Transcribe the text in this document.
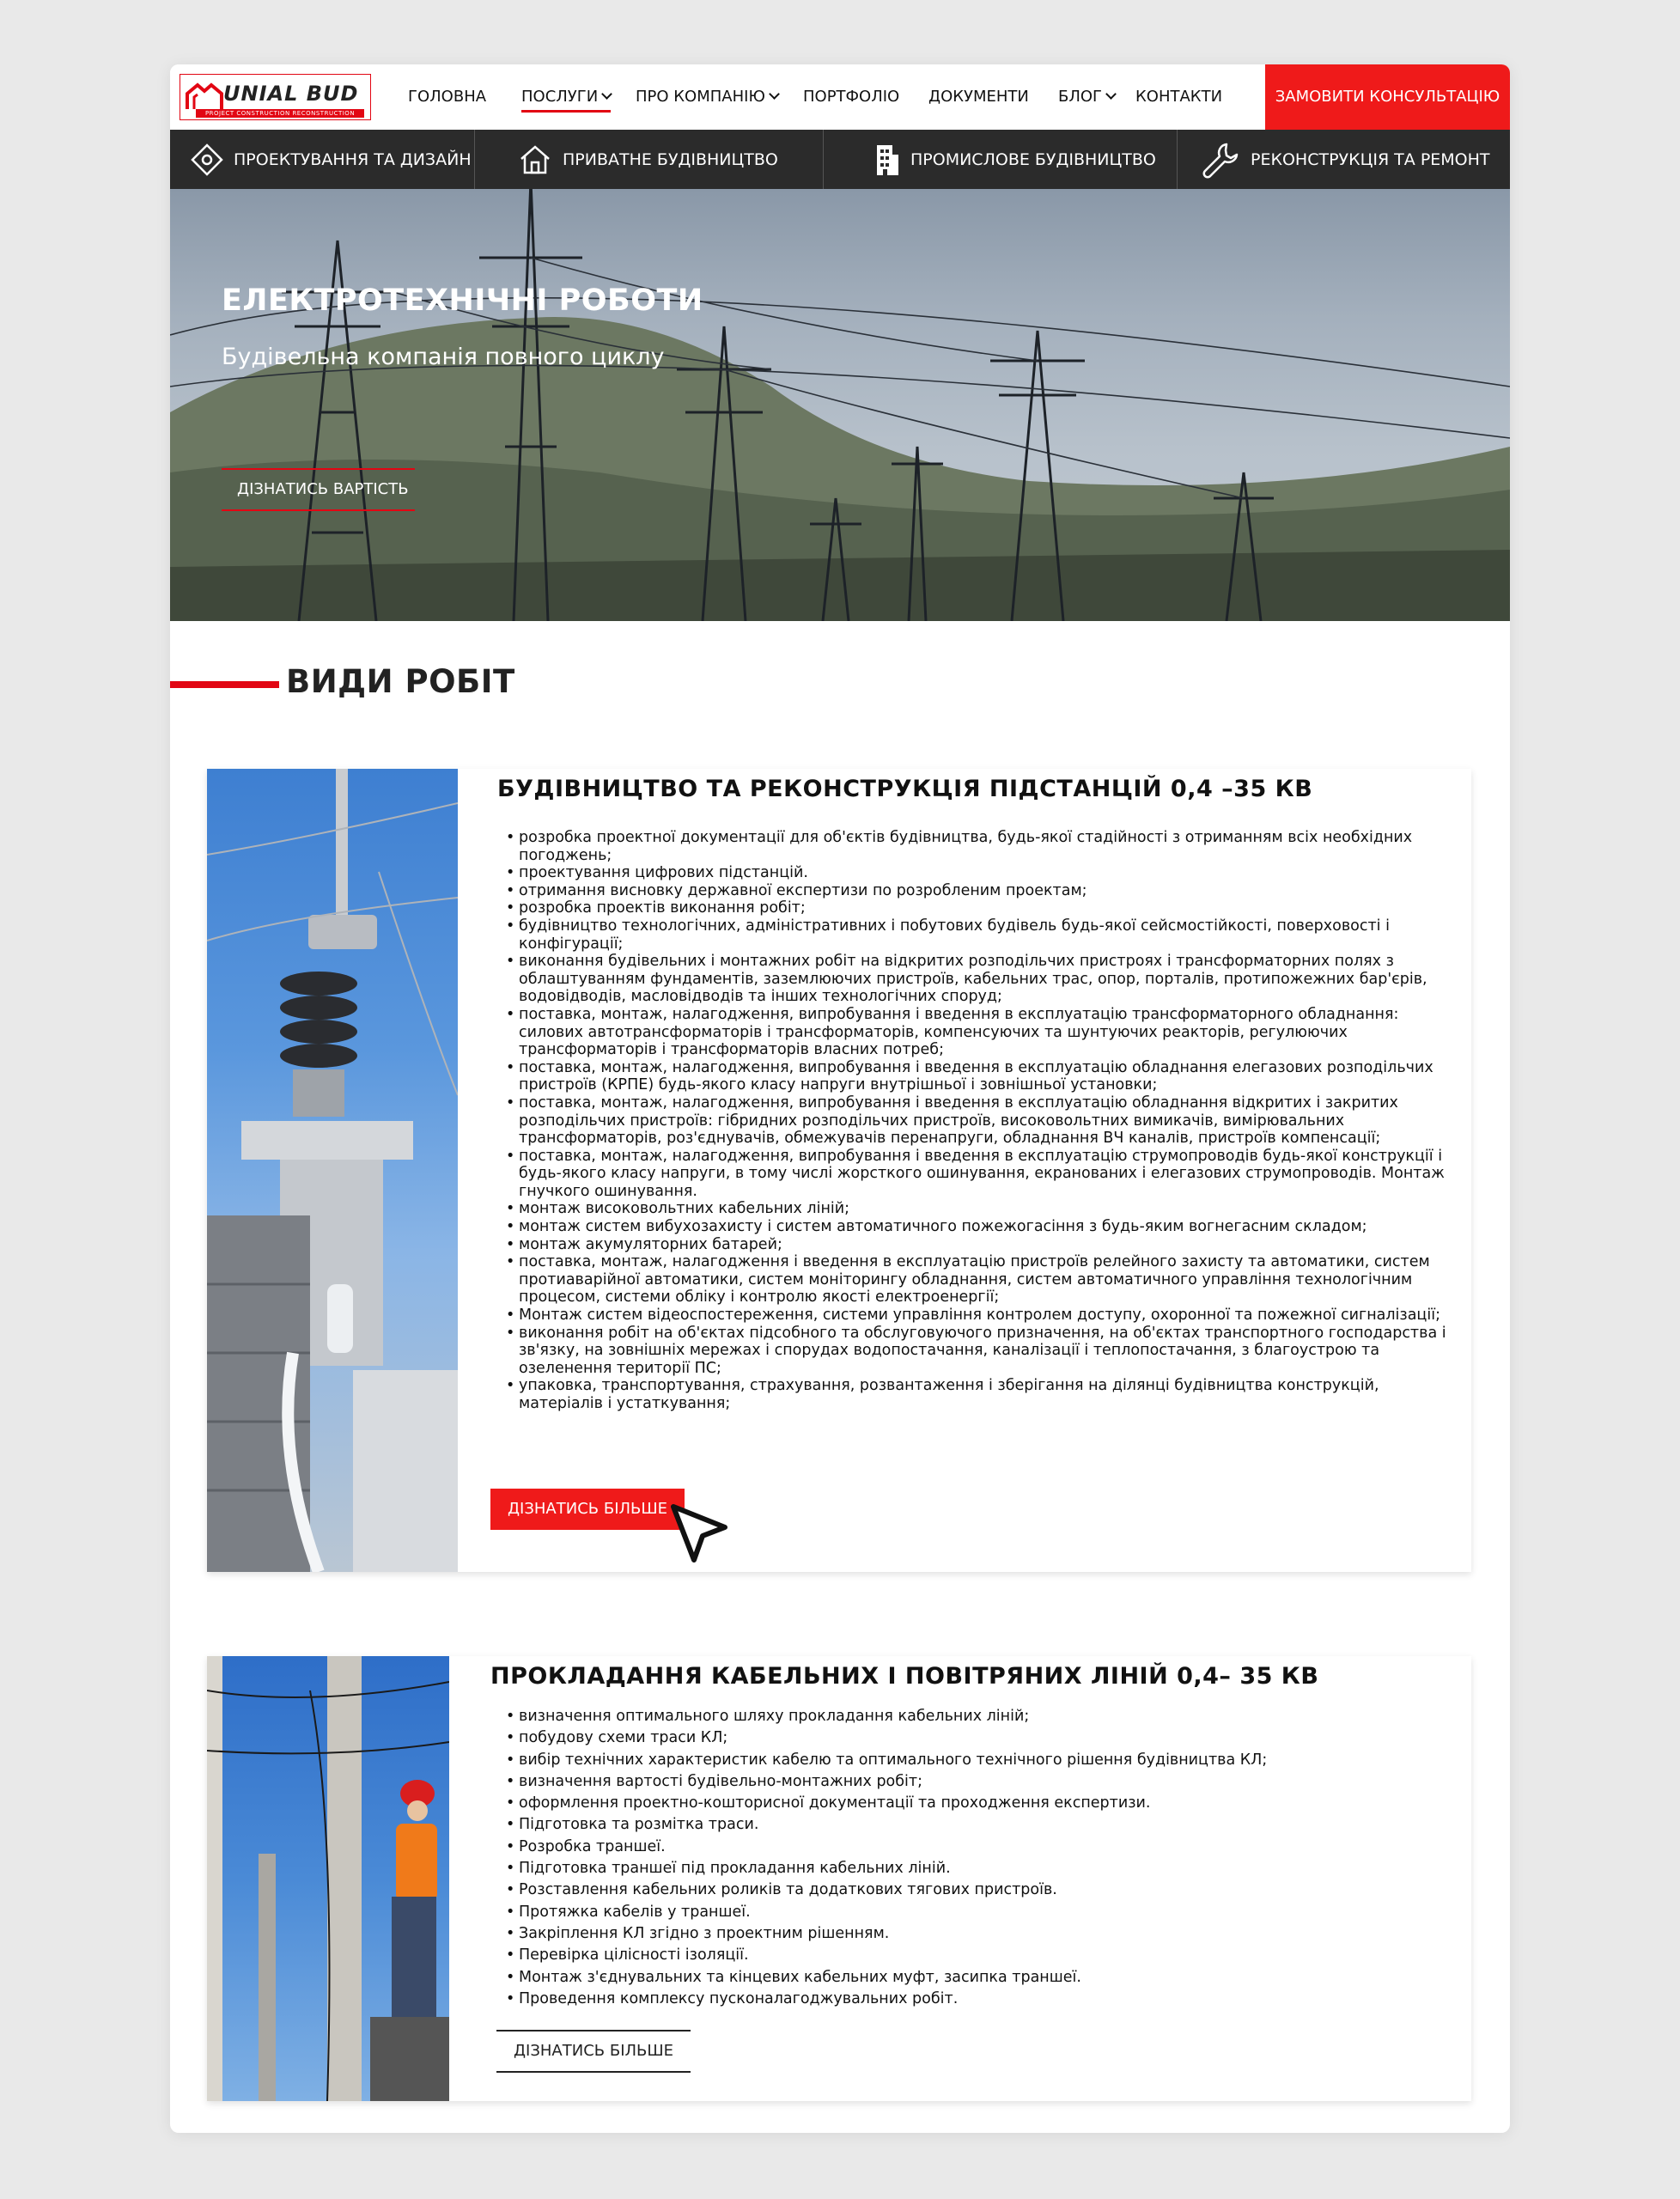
UNIAL BUD
PROJECT CONSTRUCTION RECONSTRUCTION
ГОЛОВНА ПОСЛУГИ	ПРО КОМПАНІЮ	ПОРТФОЛІО ДОКУМЕНТИ БЛОГ	КОНТАКТИ	ЗАМОВИТИ КОНСУЛЬТАЦІЮ
ПРОЕКТУВАННЯ ТА ДИЗАЙН	ПРИВАТНЕ БУДІВНИЦТВО	ПРОМИСЛОВЕ БУДІВНИЦТВО	РЕКОНСТРУКЦІЯ ТА РЕМОНТ
ЕЛЕКТРОТЕХНІЧНІ РОБОТИ
Будівельна компанія повного циклу
ДІЗНАТИСЬ ВАРТІСТЬ
ВИДИ РОБІТ
БУДІВНИЦТВО ТА РЕКОНСТРУКЦІЯ ПІДСТАНЦІЙ 0,4 –35 КВ
• розробка проектної документації для об'єктів будівництва, будь-якої стадійності з отриманням всіх необхідних погоджень;
• проектування цифрових підстанцій.
• отримання висновку державної експертизи по розробленим проектам;
• розробка проектів виконання робіт;
• будівництво технологічних, адміністративних і побутових будівель будь-якої сейсмостійкості, поверховості і конфігурації;
• виконання будівельних і монтажних робіт на відкритих розподільчих пристроях і трансформаторних полях з облаштуванням фундаментів, заземлюючих пристроїв, кабельних трас, опор, порталів, протипожежних бар'єрів, водовідводів, масловідводів та інших технологічних споруд;
• поставка, монтаж, налагодження, випробування і введення в експлуатацію трансформаторного обладнання: силових автотрансформаторів і трансформаторів, компенсуючих та шунтуючих реакторів, регулюючих трансформаторів і трансформаторів власних потреб;
• поставка, монтаж, налагодження, випробування і введення в експлуатацію обладнання елегазових розподільчих пристроїв (КРПЕ) будь-якого класу напруги внутрішньої і зовнішньої установки;
• поставка, монтаж, налагодження, випробування і введення в експлуатацію обладнання відкритих і закритих розподільчих пристроїв: гібридних розподільчих пристроїв, високовольтних вимикачів, вимірювальних трансформаторів, роз'єднувачів, обмежувачів перенапруги, обладнання ВЧ каналів, пристроїв компенсації;
• поставка, монтаж, налагодження, випробування і введення в експлуатацію струмопроводів будь-якої конструкції і будь-якого класу напруги, в тому числі жорсткого ошинування, екранованих і елегазових струмопроводів. Монтаж гнучкого ошинування.
• монтаж високовольтних кабельних ліній;
• монтаж систем вибухозахисту і систем автоматичного пожежогасіння з будь-яким вогнегасним складом;
• монтаж акумуляторних батарей;
• поставка, монтаж, налагодження і введення в експлуатацію пристроїв релейного захисту та автоматики, систем протиаварійної автоматики, систем моніторингу обладнання, систем автоматичного управління технологічним процесом, системи обліку і контролю якості електроенергії;
• Монтаж систем відеоспостереження, системи управління контролем доступу, охоронної та пожежної сигналізації;
• виконання робіт на об'єктах підсобного та обслуговуючого призначення, на об'єктах транспортного господарства і зв'язку, на зовнішніх мережах і спорудах водопостачання, каналізації і теплопостачання, з благоустрою та озеленення території ПС;
• упаковка, транспортування, страхування, розвантаження і зберігання на ділянці будівництва конструкцій, матеріалів і устаткування;
ДІЗНАТИСЬ БІЛЬШЕ
ПРОКЛАДАННЯ КАБЕЛЬНИХ І ПОВІТРЯНИХ ЛІНІЙ 0,4– 35 КВ
• визначення оптимального шляху прокладання кабельних ліній;
• побудову схеми траси КЛ;
• вибір технічних характеристик кабелю та оптимального технічного рішення будівництва КЛ;
• визначення вартості будівельно-монтажних робіт;
• оформлення проектно-кошторисної документації та проходження експертизи.
• Підготовка та розмітка траси.
• Розробка траншеї.
• Підготовка траншеї під прокладання кабельних ліній.
• Розставлення кабельних роликів та додаткових тягових пристроїв.
• Протяжка кабелів у траншеї.
• Закріплення КЛ згідно з проектним рішенням.
• Перевірка цілісності ізоляції.
• Монтаж з'єднувальних та кінцевих кабельних муфт, засипка траншеї.
• Проведення комплексу пусконалагоджувальних робіт.
ДІЗНАТИСЬ БІЛЬШЕ
